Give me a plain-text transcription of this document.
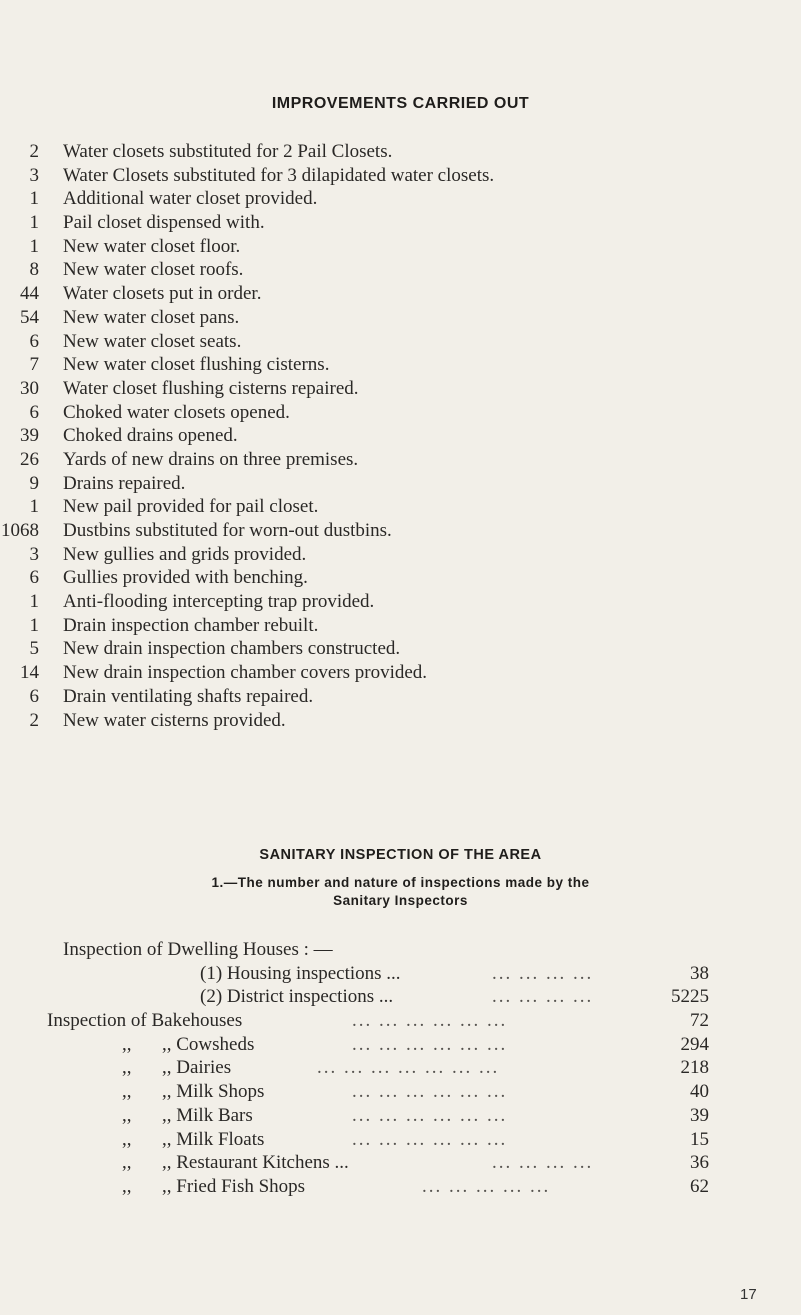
IMPROVEMENTS CARRIED OUT
2 Water closets substituted for 2 Pail Closets.
3 Water Closets substituted for 3 dilapidated water closets.
1 Additional water closet provided.
1 Pail closet dispensed with.
1 New water closet floor.
8 New water closet roofs.
44 Water closets put in order.
54 New water closet pans.
6 New water closet seats.
7 New water closet flushing cisterns.
30 Water closet flushing cisterns repaired.
6 Choked water closets opened.
39 Choked drains opened.
26 Yards of new drains on three premises.
9 Drains repaired.
1 New pail provided for pail closet.
1068 Dustbins substituted for worn-out dustbins.
3 New gullies and grids provided.
6 Gullies provided with benching.
1 Anti-flooding intercepting trap provided.
1 Drain inspection chamber rebuilt.
5 New drain inspection chambers constructed.
14 New drain inspection chamber covers provided.
6 Drain ventilating shafts repaired.
2 New water cisterns provided.
SANITARY INSPECTION OF THE AREA
1.—The number and nature of inspections made by the
Sanitary Inspectors
Inspection of Dwelling Houses : —
(1) Housing inspections ...	... ... ... ...	38
(2) District inspections ...	... ... ... ...	5225
Inspection of Bakehouses	... ... ... ... ... ...	72
,, ,, Cowsheds	... ... ... ... ... ...	294
,, ,, Dairies	... ... ... ... ... ... ...	218
,, ,, Milk Shops	... ... ... ... ... ...	40
,, ,, Milk Bars	... ... ... ... ... ...	39
,, ,, Milk Floats	... ... ... ... ... ...	15
,, ,, Restaurant Kitchens ...	... ... ... ...	36
,, ,, Fried Fish Shops	... ... ... ... ...	62
17
